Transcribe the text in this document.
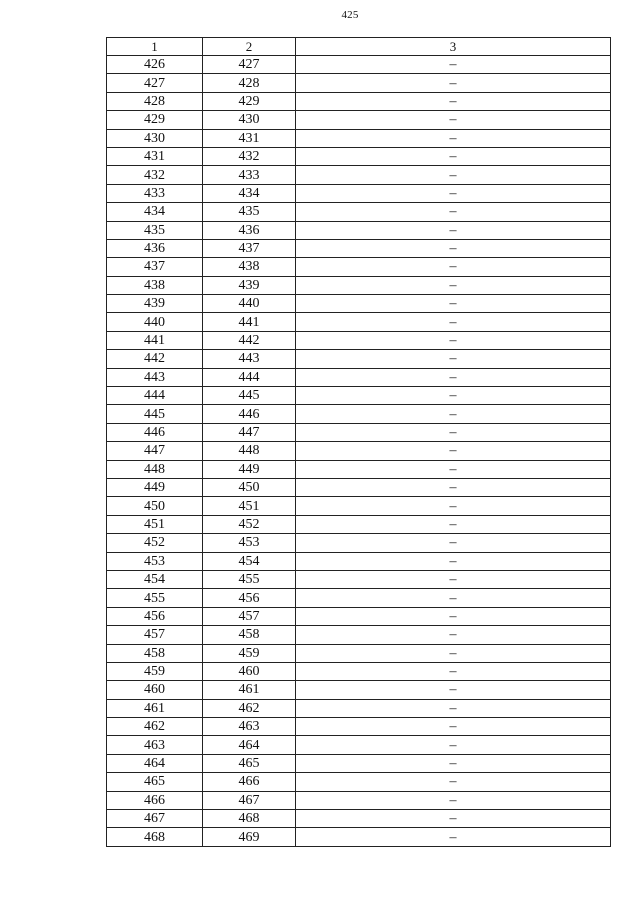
425
1	2	3
426	427	–
427	428	–
428	429	–
429	430	–
430	431	–
431	432	–
432	433	–
433	434	–
434	435	–
435	436	–
436	437	–
437	438	–
438	439	–
439	440	–
440	441	–
441	442	–
442	443	–
443	444	–
444	445	–
445	446	–
446	447	–
447	448	–
448	449	–
449	450	–
450	451	–
451	452	–
452	453	–
453	454	–
454	455	–
455	456	–
456	457	–
457	458	–
458	459	–
459	460	–
460	461	–
461	462	–
462	463	–
463	464	–
464	465	–
465	466	–
466	467	–
467	468	–
468	469	–
